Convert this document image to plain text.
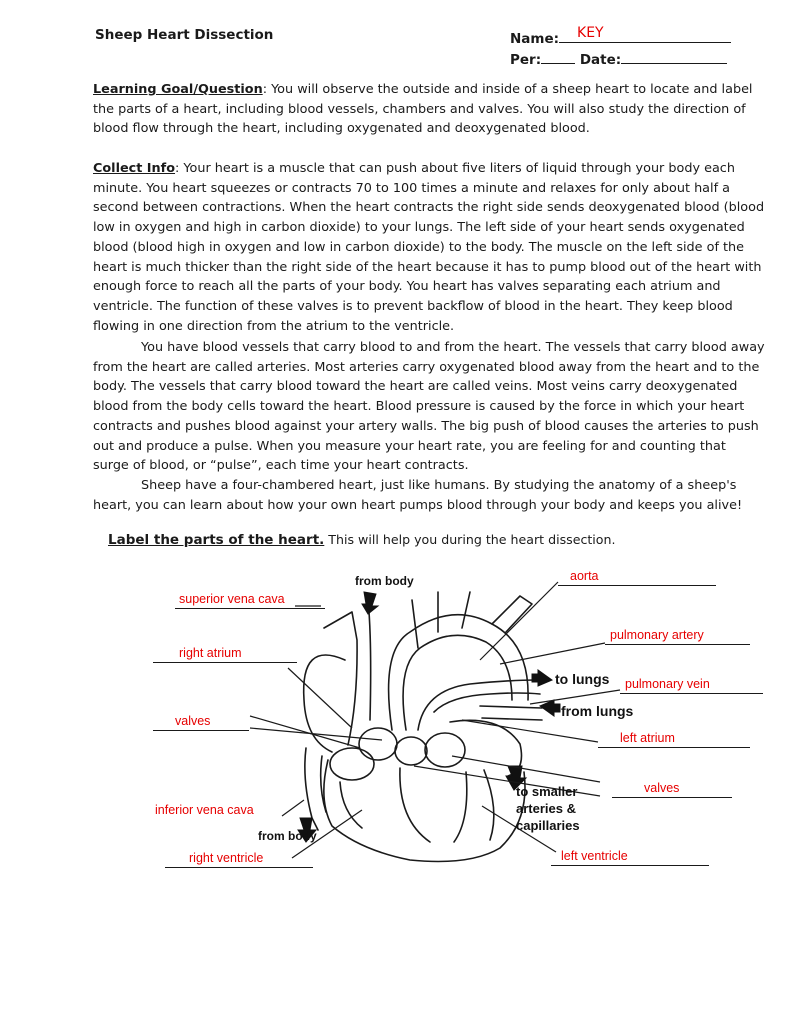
Sheep Heart Dissection	Name: KEY
Per:	Date:

Learning Goal/Question: You will observe the outside and inside of a sheep heart to locate and label the parts of a heart, including blood vessels, chambers and valves. You will also study the direction of blood flow through the heart, including oxygenated and deoxygenated blood.

Collect Info: Your heart is a muscle that can push about five liters of liquid through your body each minute. You heart squeezes or contracts 70 to 100 times a minute and relaxes for only about half a second between contractions. When the heart contracts the right side sends deoxygenated blood (blood low in oxygen and high in carbon dioxide) to your lungs. The left side of your heart sends oxygenated blood (blood high in oxygen and low in carbon dioxide) to the body. The muscle on the left side of the heart is much thicker than the right side of the heart because it has to pump blood out of the heart with enough force to reach all the parts of your body. You heart has valves separating each atrium and ventricle. The function of these valves is to prevent backflow of blood in the heart. They keep blood flowing in one direction from the atrium to the ventricle.

You have blood vessels that carry blood to and from the heart. The vessels that carry blood away from the heart are called arteries. Most arteries carry oxygenated blood away from the heart and to the body. The vessels that carry blood toward the heart are called veins. Most veins carry deoxygenated blood from the body cells toward the heart. Blood pressure is caused by the force in which your heart contracts and pushes blood against your artery walls. The big push of blood causes the arteries to push out and produce a pulse. When you measure your heart rate, you are feeling for and counting that surge of blood, or “pulse”, each time your heart contracts.

Sheep have a four-chambered heart, just like humans. By studying the anatomy of a sheep's heart, you can learn about how your own heart pumps blood through your body and keeps you alive!

Label the parts of the heart. This will help you during the heart dissection.
from body
to lungs
from lungs
to smaller
arteries &
capillaries
from body
superior vena cava
right atrium
valves
inferior vena cava
right ventricle
aorta
pulmonary artery
pulmonary vein
left atrium
valves
left ventricle
